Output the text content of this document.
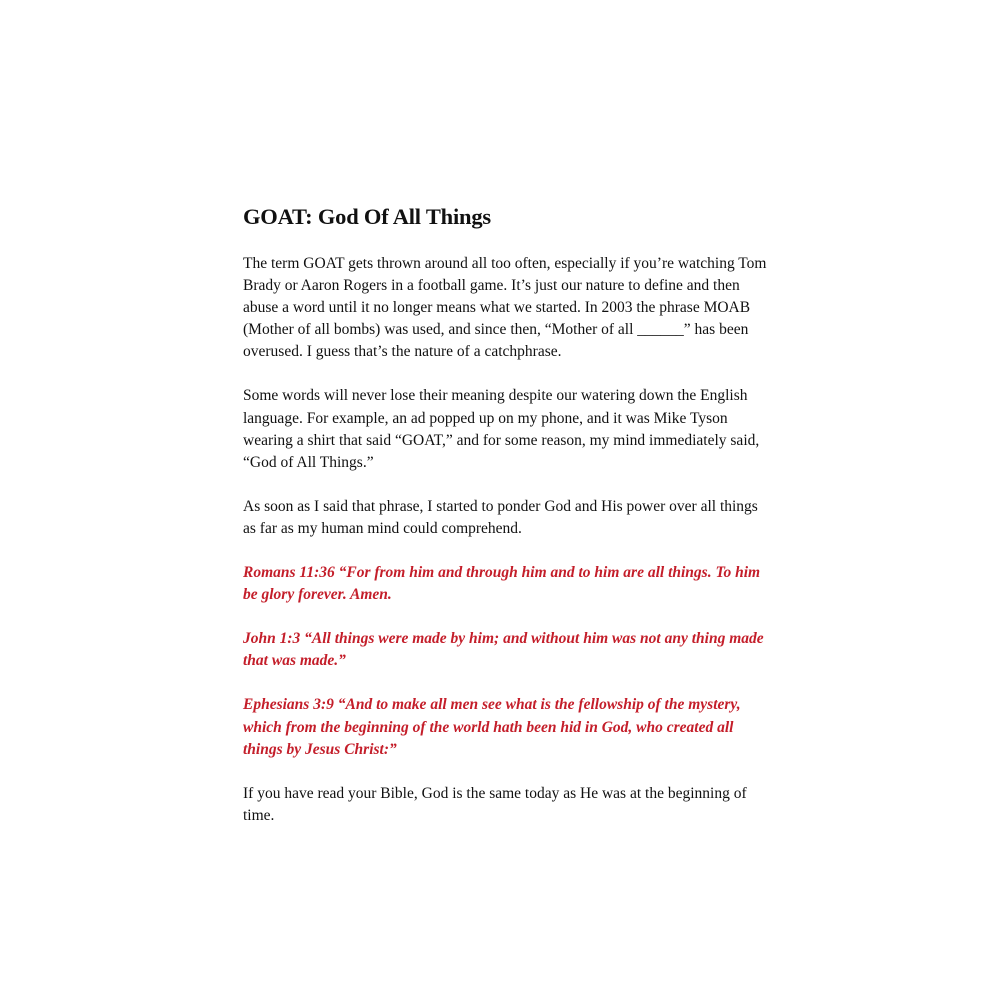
GOAT: God Of All Things

The term GOAT gets thrown around all too often, especially if you’re watching Tom Brady or Aaron Rogers in a football game. It’s just our nature to define and then abuse a word until it no longer means what we started. In 2003 the phrase MOAB (Mother of all bombs) was used, and since then, “Mother of all ______” has been overused. I guess that’s the nature of a catchphrase.

Some words will never lose their meaning despite our watering down the English language. For example, an ad popped up on my phone, and it was Mike Tyson wearing a shirt that said “GOAT,” and for some reason, my mind immediately said, “God of All Things.”

As soon as I said that phrase, I started to ponder God and His power over all things as far as my human mind could comprehend.

Romans 11:36 “For from him and through him and to him are all things. To him be glory forever. Amen.

John 1:3 “All things were made by him; and without him was not any thing made that was made.”

Ephesians 3:9 “And to make all men see what is the fellowship of the mystery, which from the beginning of the world hath been hid in God, who created all things by Jesus Christ:”

If you have read your Bible, God is the same today as He was at the beginning of time.
